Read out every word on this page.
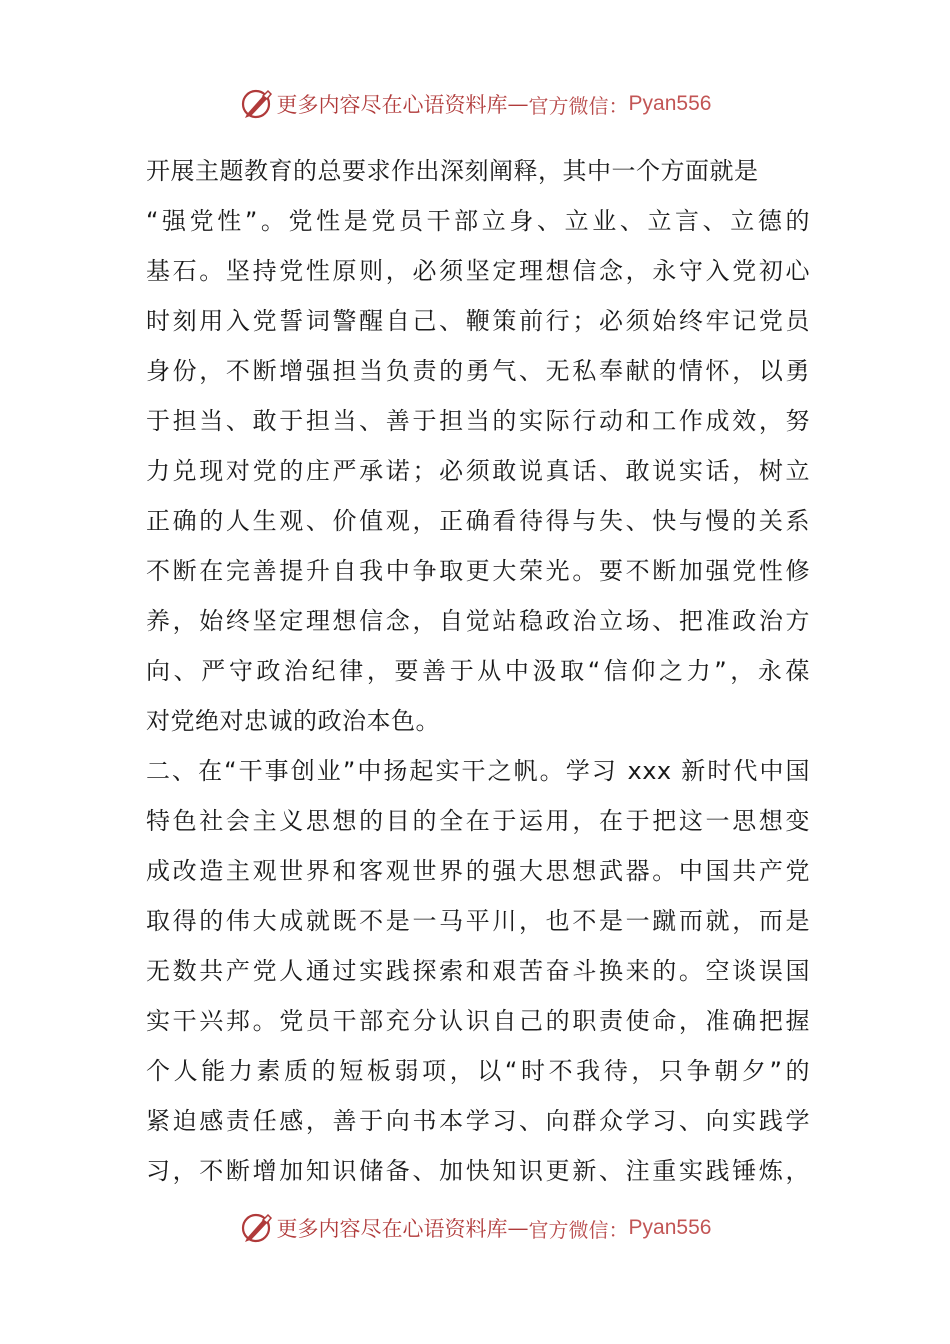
更多内容尽在心语资料库 — 官方微信： Pyan556
开展主题教育的总要求作出深刻阐释，其中一个方面就是
“强党性”。党性是党员干部立身、立业、立言、立德的
基石。坚持党性原则，必须坚定理想信念，永守入党初心
时刻用入党誓词警醒自己、鞭策前行；必须始终牢记党员
身份，不断增强担当负责的勇气、无私奉献的情怀，以勇
于担当、敢于担当、善于担当的实际行动和工作成效，努
力兑现对党的庄严承诺；必须敢说真话、敢说实话，树立
正确的人生观、价值观，正确看待得与失、快与慢的关系
不断在完善提升自我中争取更大荣光。要不断加强党性修
养，始终坚定理想信念，自觉站稳政治立场、把准政治方
向、严守政治纪律，要善于从中汲取“信仰之力”，永葆
对党绝对忠诚的政治本色。
二、在“干事创业”中扬起实干之帆。学习 xxx 新时代中国
特色社会主义思想的目的全在于运用，在于把这一思想变
成改造主观世界和客观世界的强大思想武器。中国共产党
取得的伟大成就既不是一马平川，也不是一蹴而就，而是
无数共产党人通过实践探索和艰苦奋斗换来的。空谈误国
实干兴邦。党员干部充分认识自己的职责使命，准确把握
个人能力素质的短板弱项，以“时不我待，只争朝夕”的
紧迫感责任感，善于向书本学习、向群众学习、向实践学
习，不断增加知识储备、加快知识更新、注重实践锤炼，
更多内容尽在心语资料库 — 官方微信： Pyan556
